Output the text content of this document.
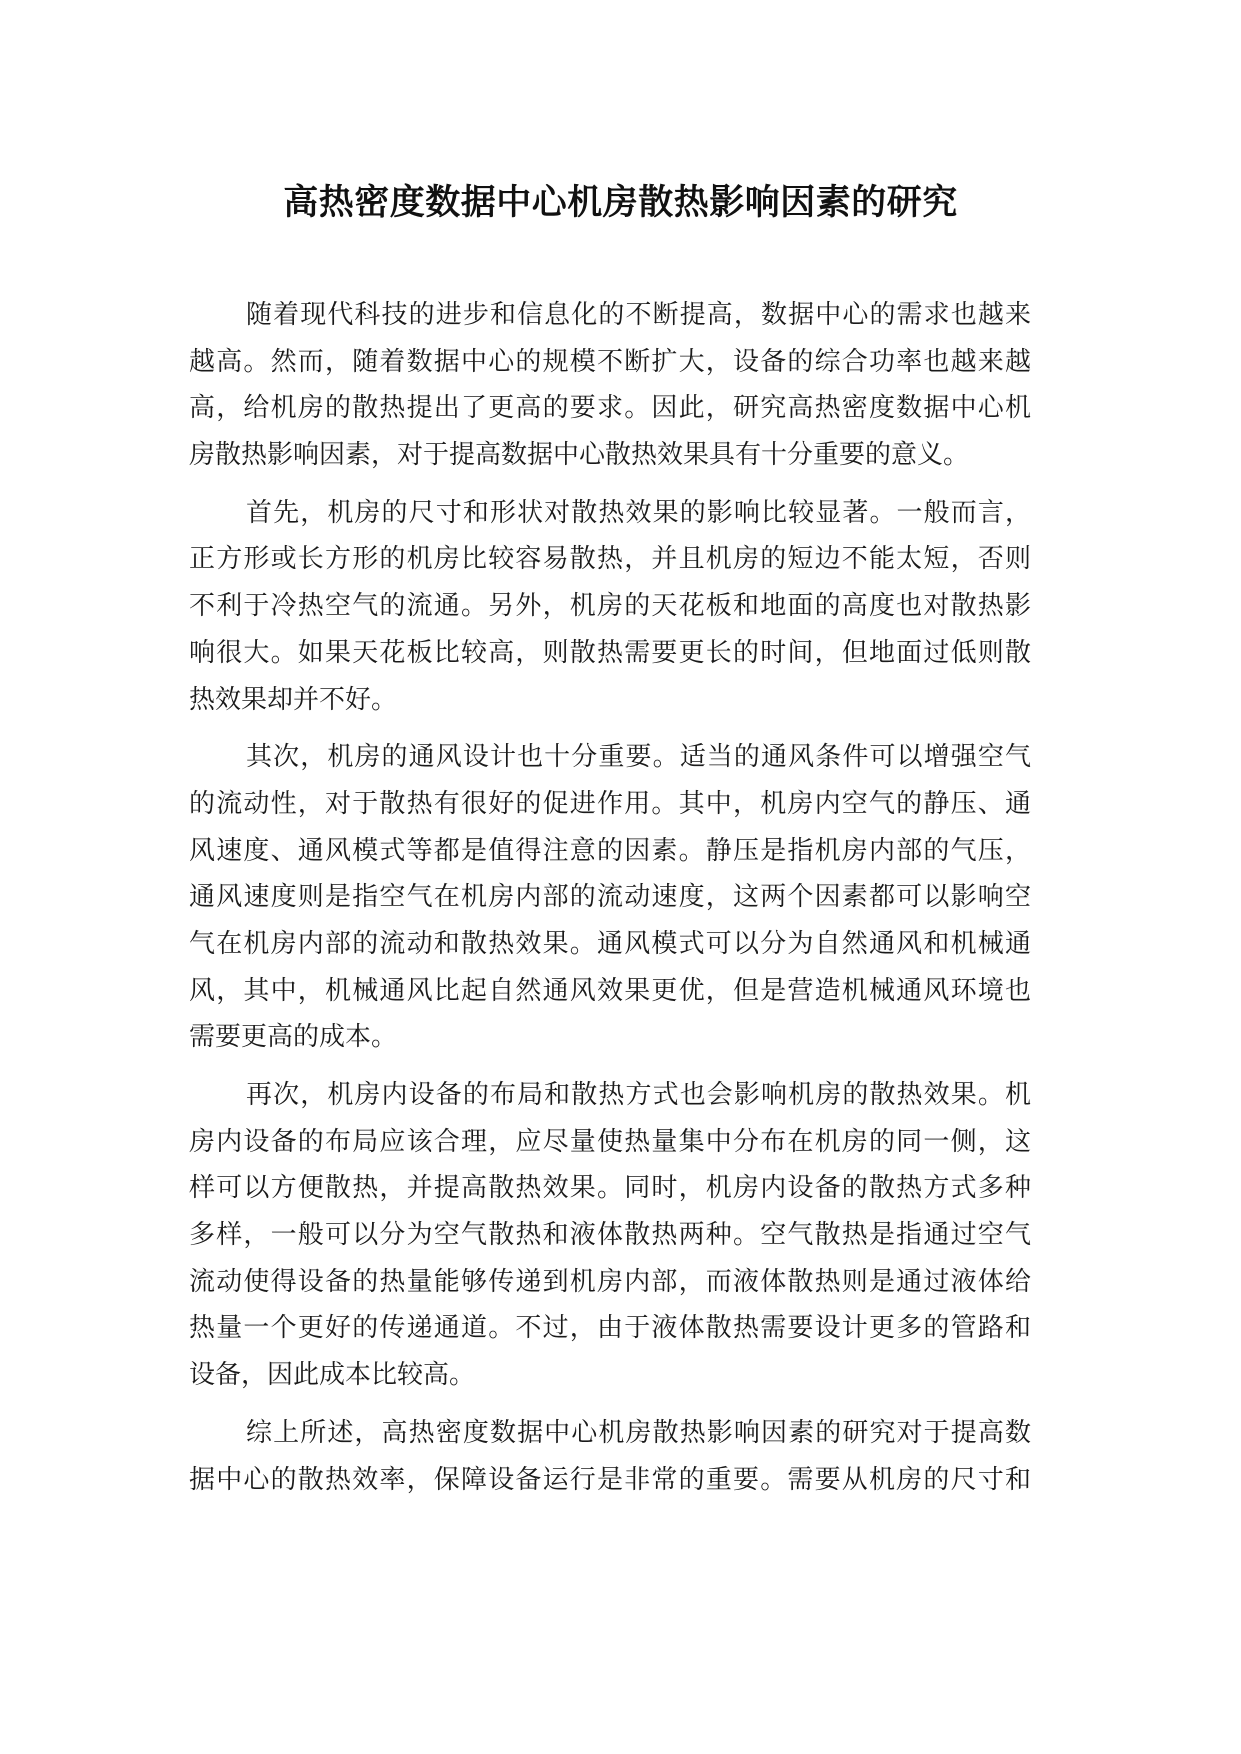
高热密度数据中心机房散热影响因素的研究

随着现代科技的进步和信息化的不断提高，数据中心的需求也越来
越高。然而，随着数据中心的规模不断扩大，设备的综合功率也越来越
高，给机房的散热提出了更高的要求。因此，研究高热密度数据中心机
房散热影响因素，对于提高数据中心散热效果具有十分重要的意义。

首先，机房的尺寸和形状对散热效果的影响比较显著。一般而言，
正方形或长方形的机房比较容易散热，并且机房的短边不能太短，否则
不利于冷热空气的流通。另外，机房的天花板和地面的高度也对散热影
响很大。如果天花板比较高，则散热需要更长的时间，但地面过低则散
热效果却并不好。

其次，机房的通风设计也十分重要。适当的通风条件可以增强空气
的流动性，对于散热有很好的促进作用。其中，机房内空气的静压、通
风速度、通风模式等都是值得注意的因素。静压是指机房内部的气压，
通风速度则是指空气在机房内部的流动速度，这两个因素都可以影响空
气在机房内部的流动和散热效果。通风模式可以分为自然通风和机械通
风，其中，机械通风比起自然通风效果更优，但是营造机械通风环境也
需要更高的成本。

再次，机房内设备的布局和散热方式也会影响机房的散热效果。机
房内设备的布局应该合理，应尽量使热量集中分布在机房的同一侧，这
样可以方便散热，并提高散热效果。同时，机房内设备的散热方式多种
多样，一般可以分为空气散热和液体散热两种。空气散热是指通过空气
流动使得设备的热量能够传递到机房内部，而液体散热则是通过液体给
热量一个更好的传递通道。不过，由于液体散热需要设计更多的管路和
设备，因此成本比较高。

综上所述，高热密度数据中心机房散热影响因素的研究对于提高数
据中心的散热效率，保障设备运行是非常的重要。需要从机房的尺寸和
